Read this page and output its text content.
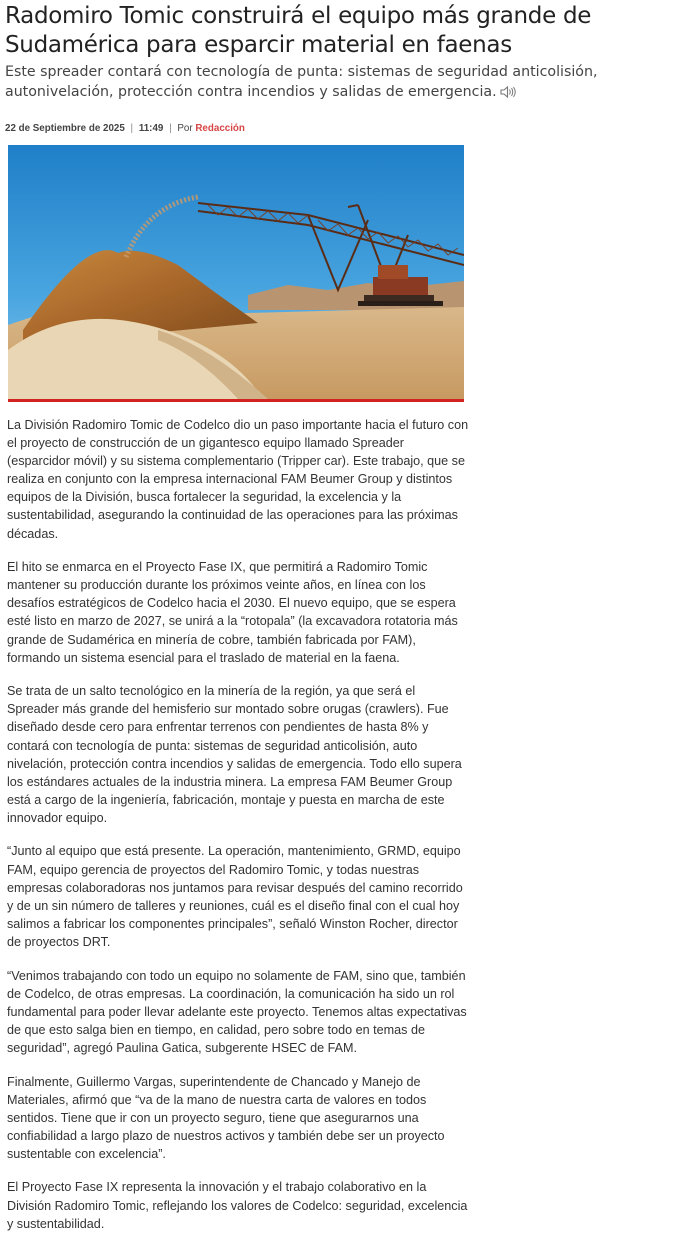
Radomiro Tomic construirá el equipo más grande de Sudamérica para esparcir material en faenas

Este spreader contará con tecnología de punta: sistemas de seguridad anticolisión, autonivelación, protección contra incendios y salidas de emergencia.

22 de Septiembre de 2025 | 11:49 | Por Redacción

La División Radomiro Tomic de Codelco dio un paso importante hacia el futuro con el proyecto de construcción de un gigantesco equipo llamado Spreader (esparcidor móvil) y su sistema complementario (Tripper car). Este trabajo, que se realiza en conjunto con la empresa internacional FAM Beumer Group y distintos equipos de la División, busca fortalecer la seguridad, la excelencia y la sustentabilidad, asegurando la continuidad de las operaciones para las próximas décadas.

El hito se enmarca en el Proyecto Fase IX, que permitirá a Radomiro Tomic mantener su producción durante los próximos veinte años, en línea con los desafíos estratégicos de Codelco hacia el 2030. El nuevo equipo, que se espera esté listo en marzo de 2027, se unirá a la “rotopala” (la excavadora rotatoria más grande de Sudamérica en minería de cobre, también fabricada por FAM), formando un sistema esencial para el traslado de material en la faena.

Se trata de un salto tecnológico en la minería de la región, ya que será el Spreader más grande del hemisferio sur montado sobre orugas (crawlers). Fue diseñado desde cero para enfrentar terrenos con pendientes de hasta 8% y contará con tecnología de punta: sistemas de seguridad anticolisión, auto nivelación, protección contra incendios y salidas de emergencia. Todo ello supera los estándares actuales de la industria minera. La empresa FAM Beumer Group está a cargo de la ingeniería, fabricación, montaje y puesta en marcha de este innovador equipo.

“Junto al equipo que está presente. La operación, mantenimiento, GRMD, equipo FAM, equipo gerencia de proyectos del Radomiro Tomic, y todas nuestras empresas colaboradoras nos juntamos para revisar después del camino recorrido y de un sin número de talleres y reuniones, cuál es el diseño final con el cual hoy salimos a fabricar los componentes principales”, señaló Winston Rocher, director de proyectos DRT.

“Venimos trabajando con todo un equipo no solamente de FAM, sino que, también de Codelco, de otras empresas. La coordinación, la comunicación ha sido un rol fundamental para poder llevar adelante este proyecto. Tenemos altas expectativas de que esto salga bien en tiempo, en calidad, pero sobre todo en temas de seguridad”, agregó Paulina Gatica, subgerente HSEC de FAM.

Finalmente, Guillermo Vargas, superintendente de Chancado y Manejo de Materiales, afirmó que “va de la mano de nuestra carta de valores en todos sentidos. Tiene que ir con un proyecto seguro, tiene que asegurarnos una confiabilidad a largo plazo de nuestros activos y también debe ser un proyecto sustentable con excelencia”.

El Proyecto Fase IX representa la innovación y el trabajo colaborativo en la División Radomiro Tomic, reflejando los valores de Codelco: seguridad, excelencia y sustentabilidad.
